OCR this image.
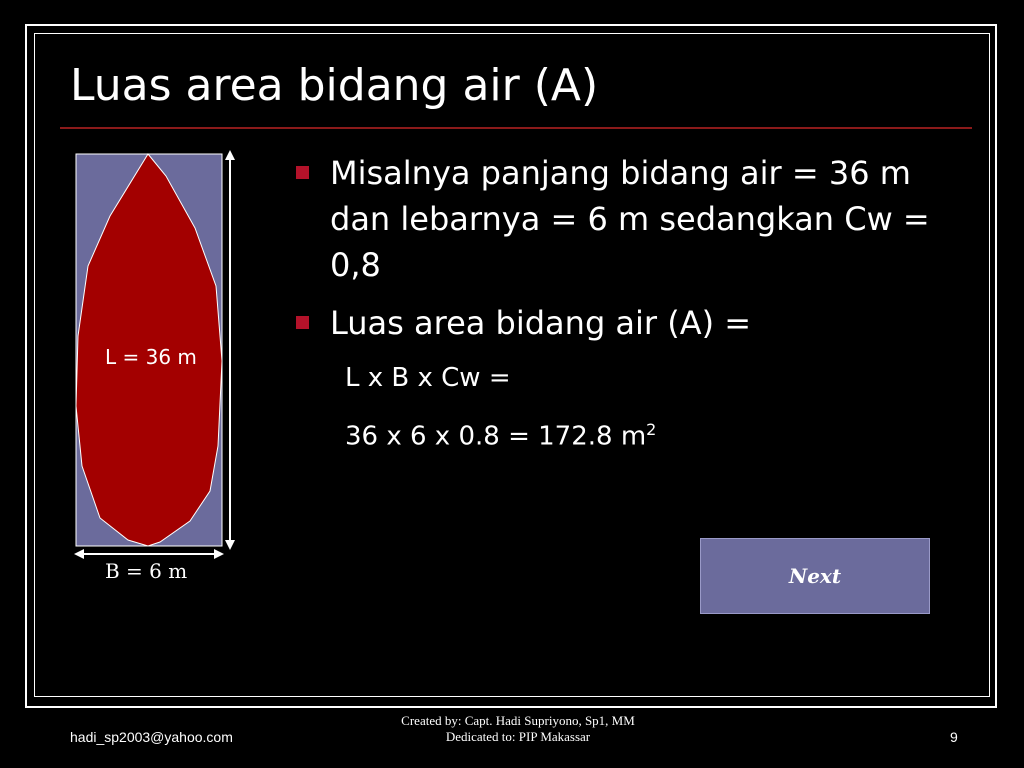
Luas area bidang air (A)
L = 36 m
B = 6 m
Misalnya panjang bidang air = 36 m dan lebarnya = 6 m sedangkan Cw = 0,8
Luas area bidang air (A) =
L x B x Cw =
36 x 6 x 0.8 = 172.8 $m^2$
Next
hadi_sp2003@yahoo.com
Created by: Capt. Hadi Supriyono, Sp1, MM
Dedicated to: PIP Makassar	9
